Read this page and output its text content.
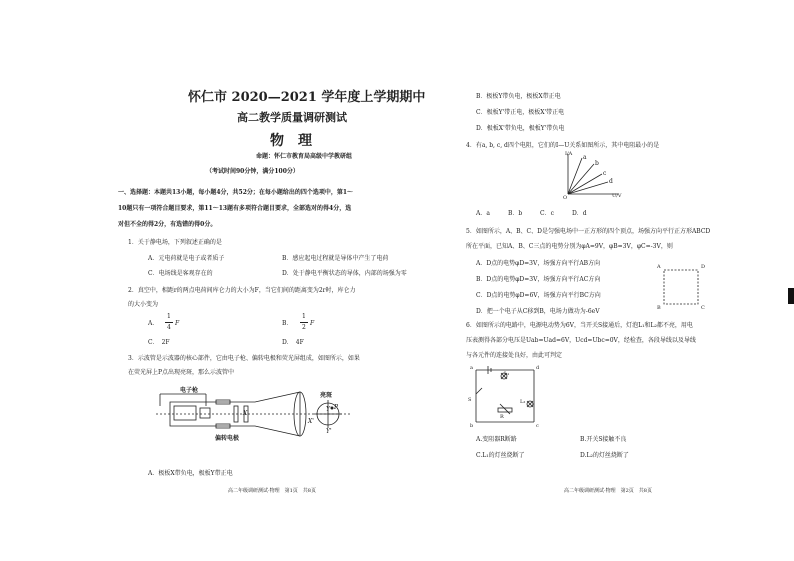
怀仁市 2020—2021 学年度上学期期中
高二教学质量调研测试
物　理
命题：怀仁市教育局高级中学教研组
（考试时间90分钟，满分100分）
一、选择题：本题共13小题，每小题4分，共52分；在每小题给出的四个选项中，第1～
10题只有一项符合题目要求，第11～13题有多项符合题目要求，全部选对的得4分，选
对但不全的得2分，有选错的得0分。
1．关于静电场，下列叙述正确的是
A．元电荷就是电子或者质子	B．感应起电过程就是导体中产生了电荷
C．电场线是客观存在的	D．处于静电平衡状态的导体，内部的场强为零
2．真空中，相距r的两点电荷间库仑力的大小为F，当它们间的距离变为2r时，库仑力
的大小变为
A．
1
4
F	B．
1
2
F
C．　2F	D．　4F
3．示波管是示波器的核心部件，它由电子枪、偏转电极和荧光屏组成，如图所示，如果
在荧光屏上P点出现亮斑，那么示波管中
电子枪
亮斑
偏转电极
X
Y
X'
Y'
P
A．极板X带负电，极板Y带正电
高二年级调研测试·物理　第1页　共8页
B．极板Y带负电，极板X带正电
C．极板Y'带正电，极板X'带正电
D．极板X'带负电，极板Y'带负电
4．有a, b, c, d四个电阻，它们的I—U关系如图所示，其中电阻最小的是
I/A
U/V
O
a
b
c
d
A．a	B．b	C．c	D．d
5．如图所示，A、B、C、D是匀强电场中一正方形的四个顶点，场强方向平行正方形ABCD
所在平面，已知A、B、C三点的电势分别为φA=9V，φB=3V，φC=-3V，则
A．D点的电势φD=3V，场强方向平行AB方向
B．D点的电势φD=3V，场强方向平行AC方向
C．D点的电势φD=6V，场强方向平行BC方向
D．把一个电子从C移到B，电场力做功为-6eV
A	D
B	C
6．如图所示的电路中，电源电动势为6V，当开关S接通后，灯泡L₁和L₂都不亮，用电
压表测得各部分电压是Uab=Uad=6V，Ucd=Ubc=0V，经检查，各段导线以及导线
与各元件的连接处良好，由此可判定
a
b	c
d
S
R
L₁
L₂
A.变阻器R断路	B.开关S接触不良
C.L₁的灯丝烧断了	D.L₂的灯丝烧断了
高二年级调研测试·物理　第2页　共8页
